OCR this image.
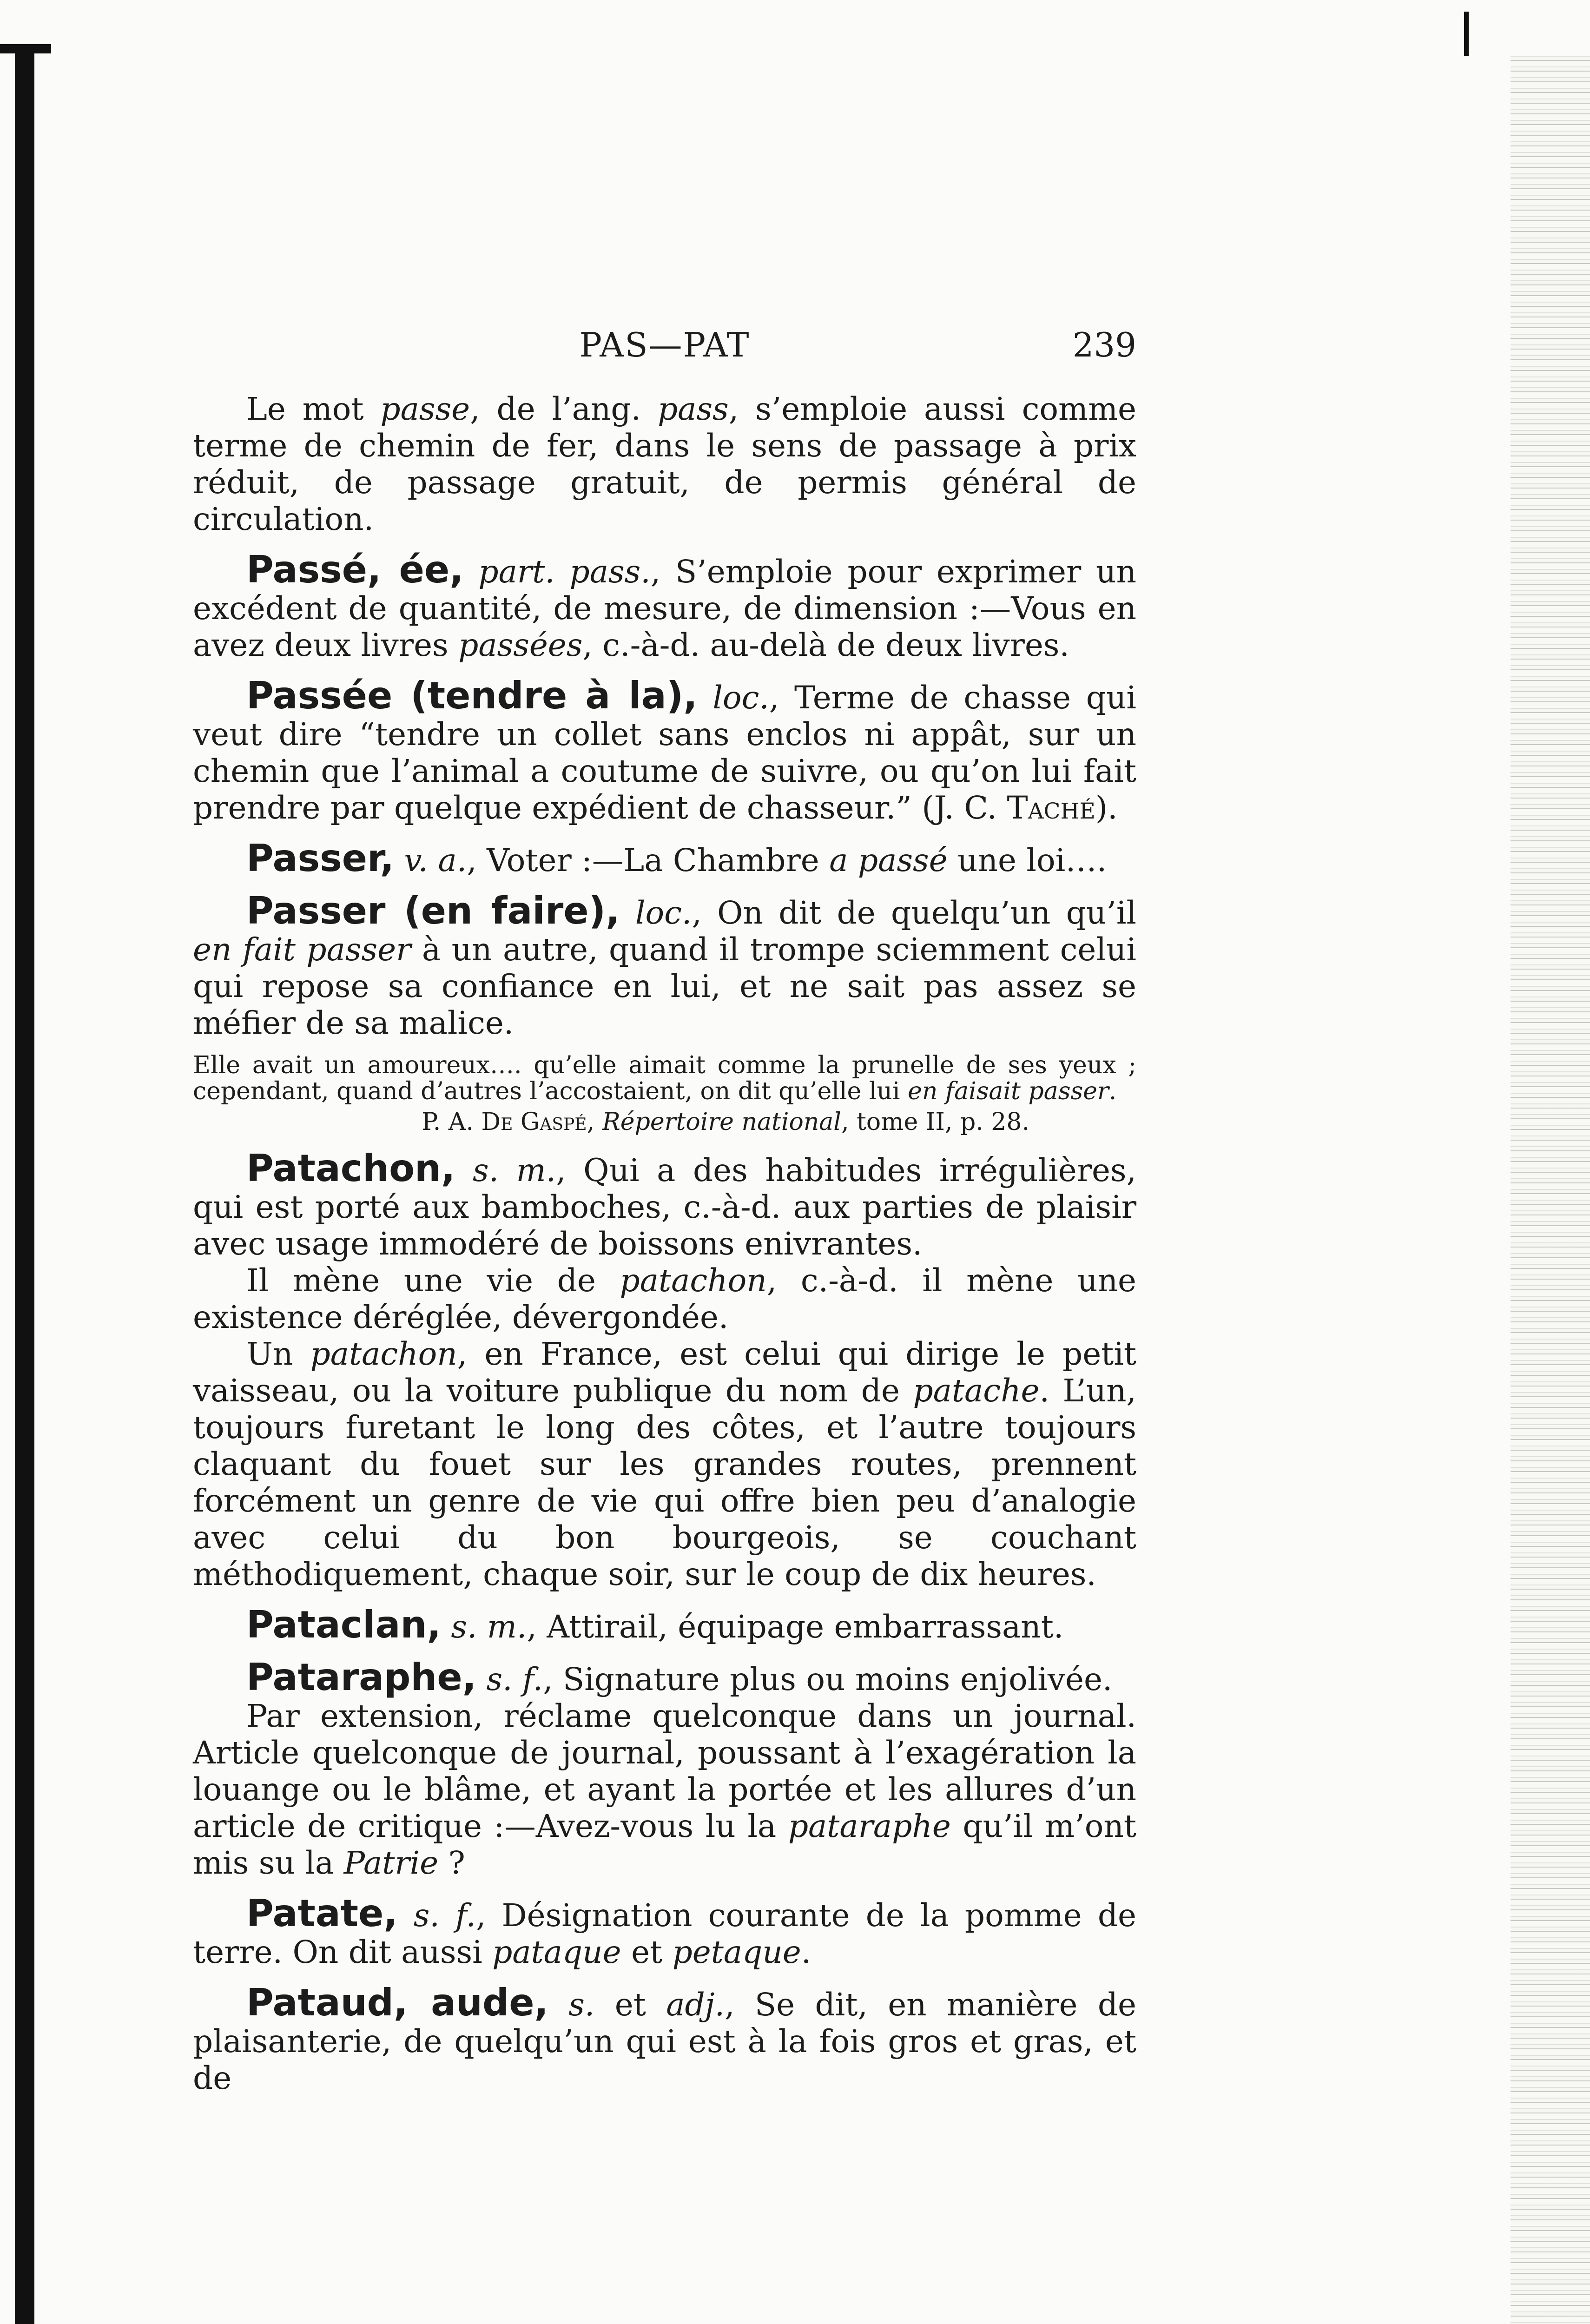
PAS—PAT	239

Le mot passe, de l’ang. pass, s’emploie aussi comme terme de chemin de fer, dans le sens de passage à prix réduit, de passage gratuit, de permis général de circulation.

Passé, ée, part. pass., S’emploie pour exprimer un excédent de quantité, de mesure, de dimension :—Vous en avez deux livres passées, c.-à-d. au-delà de deux livres.

Passée (tendre à la), loc., Terme de chasse qui veut dire “tendre un collet sans enclos ni appât, sur un chemin que l’animal a coutume de suivre, ou qu’on lui fait prendre par quelque expédient de chasseur.” (J. C. Taché).

Passer, v. a., Voter :—La Chambre a passé une loi….

Passer (en faire), loc., On dit de quelqu’un qu’il en fait passer à un autre, quand il trompe sciemment celui qui repose sa confiance en lui, et ne sait pas assez se méfier de sa malice.

Elle avait un amoureux…. qu’elle aimait comme la prunelle de ses yeux ; cependant, quand d’autres l’accostaient, on dit qu’elle lui en faisait passer.

P. A. De Gaspé, Répertoire national, tome II, p. 28.

Patachon, s. m., Qui a des habitudes irrégulières, qui est porté aux bamboches, c.-à-d. aux parties de plaisir avec usage immodéré de boissons enivrantes.

Il mène une vie de patachon, c.-à-d. il mène une existence déréglée, dévergondée.

Un patachon, en France, est celui qui dirige le petit vaisseau, ou la voiture publique du nom de patache. L’un, toujours furetant le long des côtes, et l’autre toujours claquant du fouet sur les grandes routes, prennent forcément un genre de vie qui offre bien peu d’analogie avec celui du bon bourgeois, se couchant méthodiquement, chaque soir, sur le coup de dix heures.

Pataclan, s. m., Attirail, équipage embarrassant.

Pataraphe, s. f., Signature plus ou moins enjolivée.

Par extension, réclame quelconque dans un journal. Article quelconque de journal, poussant à l’exagération la louange ou le blâme, et ayant la portée et les allures d’un article de critique :—Avez-vous lu la pataraphe qu’il m’ont mis su la Patrie ?

Patate, s. f., Désignation courante de la pomme de terre. On dit aussi pataque et petaque.

Pataud, aude, s. et adj., Se dit, en manière de plaisanterie, de quelqu’un qui est à la fois gros et gras, et de
